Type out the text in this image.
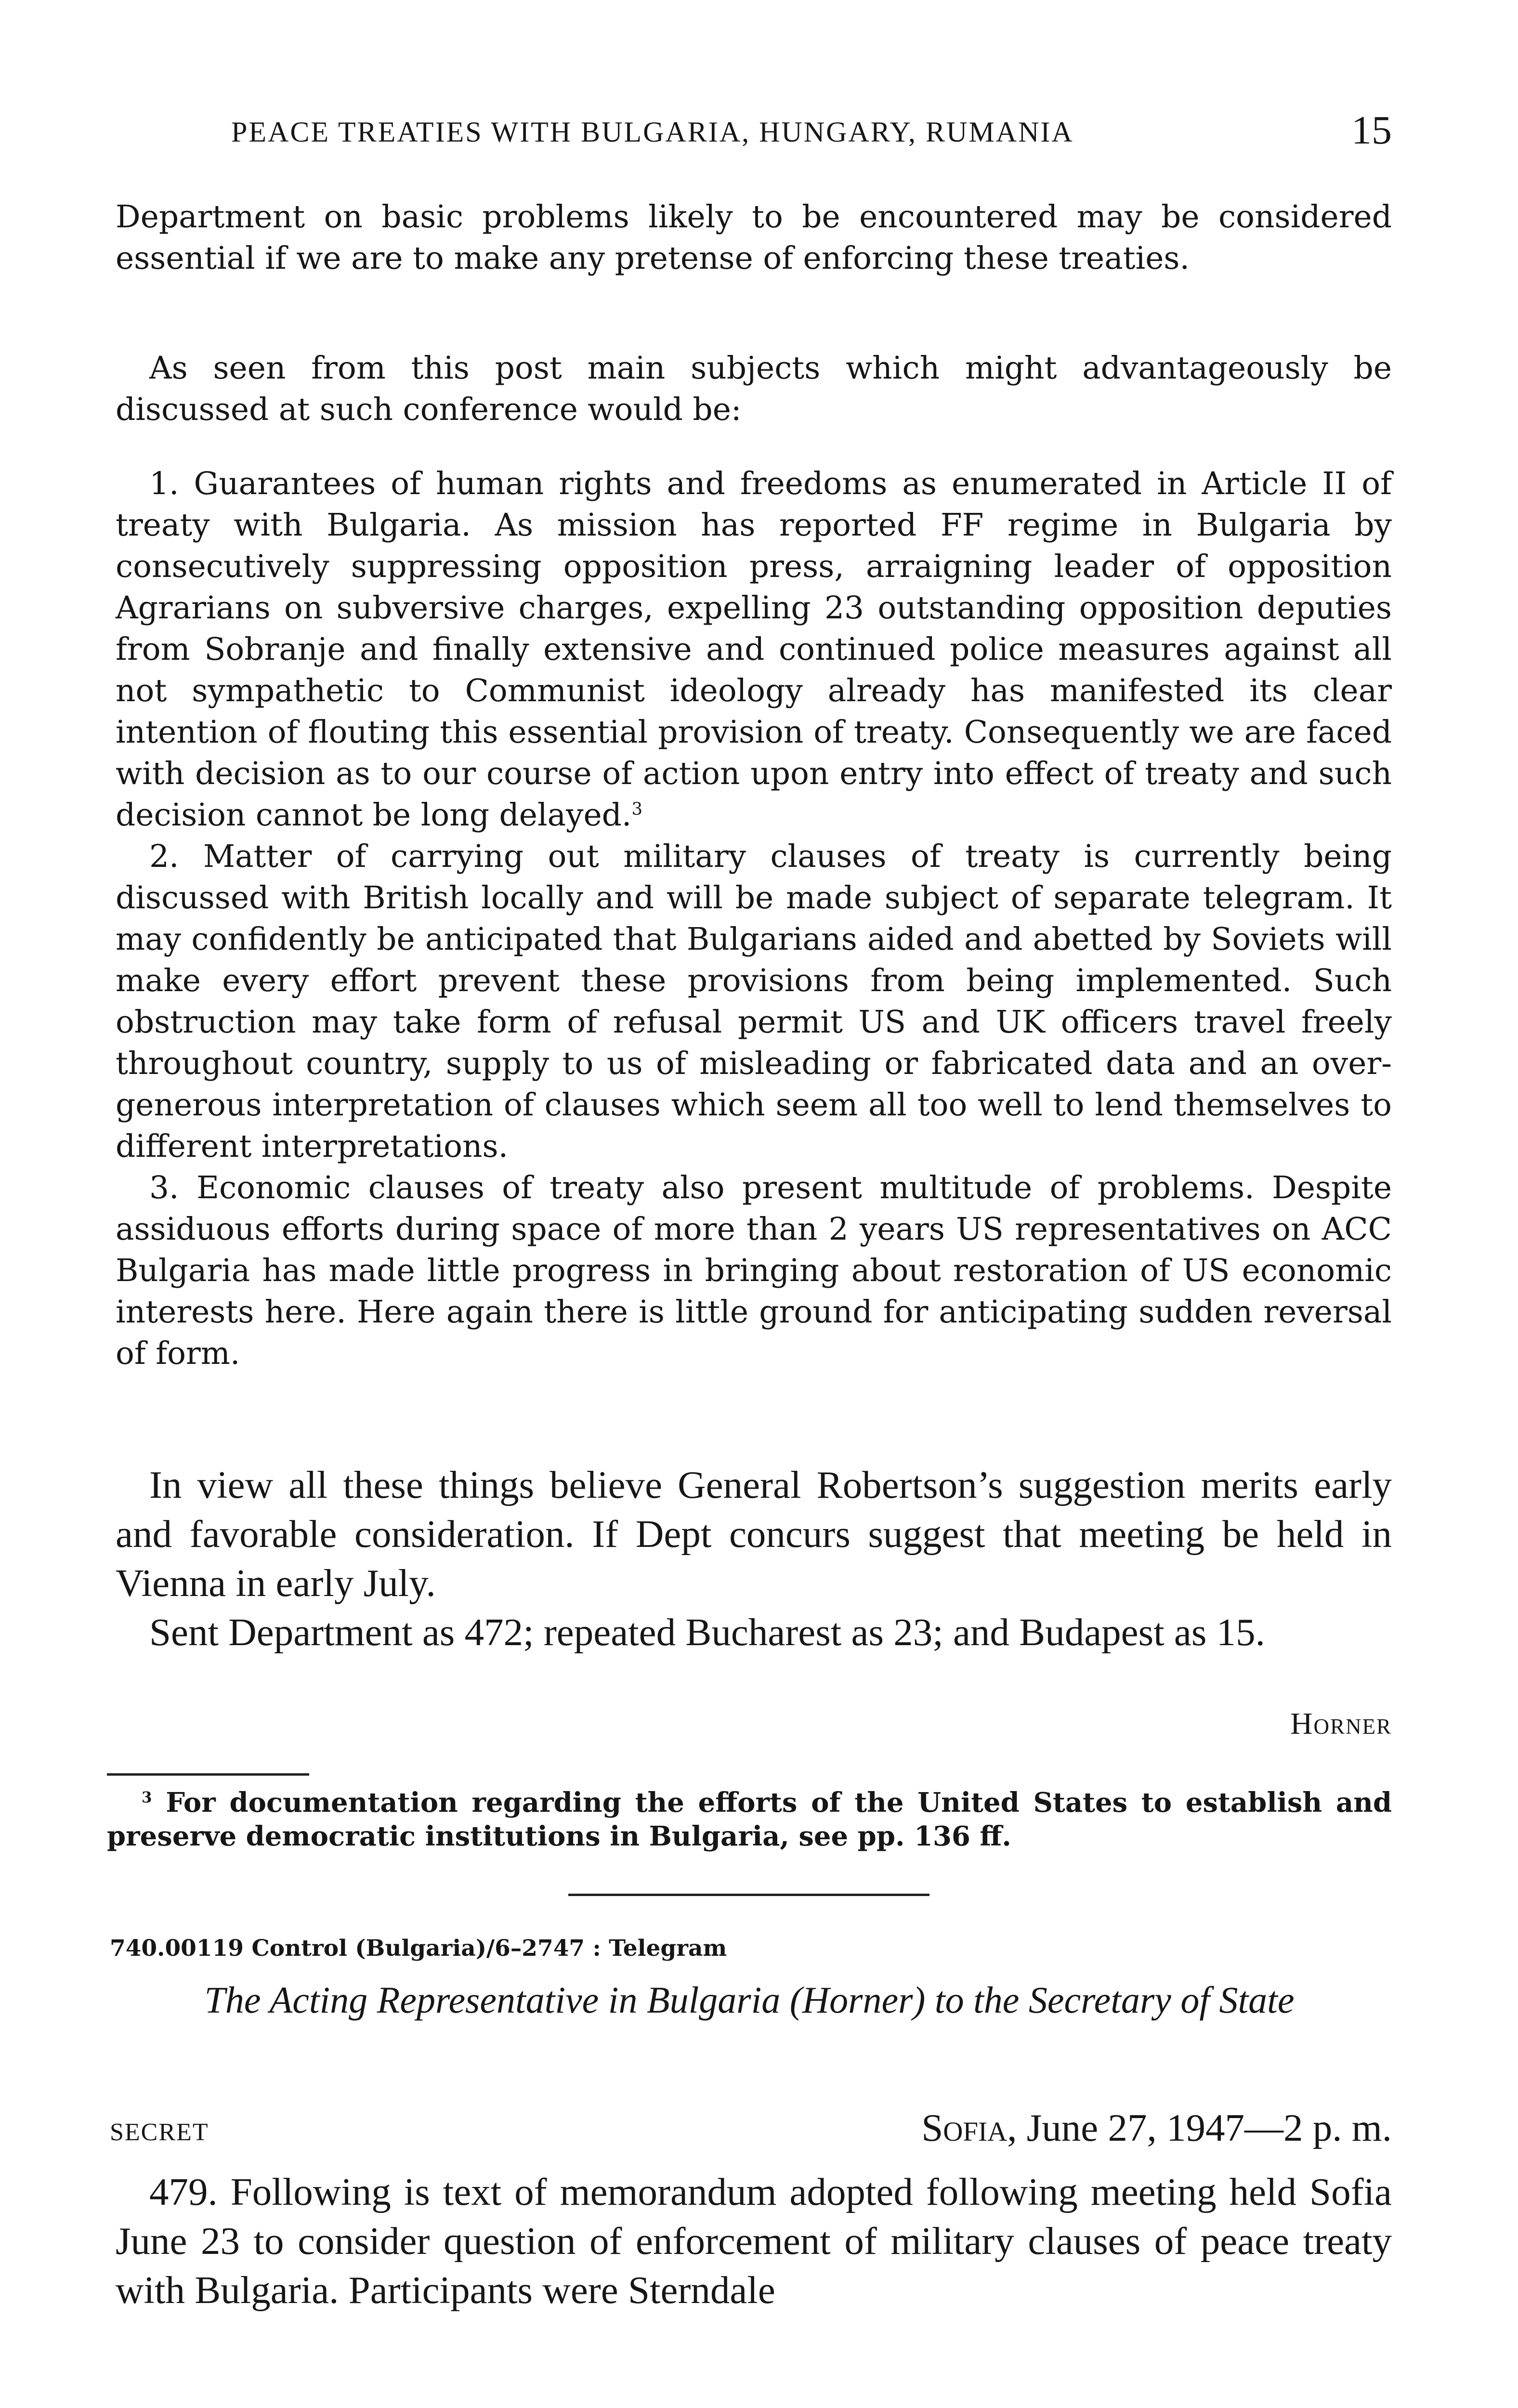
PEACE TREATIES WITH BULGARIA, HUNGARY, RUMANIA	15

Department on basic problems likely to be encountered may be considered essential if we are to make any pretense of enforcing these treaties.

As seen from this post main subjects which might advantageously be discussed at such conference would be:

1. Guarantees of human rights and freedoms as enumerated in Article II of treaty with Bulgaria. As mission has reported FF regime in Bulgaria by consecutively suppressing opposition press, arraigning leader of opposition Agrarians on subversive charges, expelling 23 outstanding opposition deputies from Sobranje and finally extensive and continued police measures against all not sympathetic to Communist ideology already has manifested its clear intention of flouting this essential provision of treaty. Consequently we are faced with decision as to our course of action upon entry into effect of treaty and such decision cannot be long delayed.$^3$

2. Matter of carrying out military clauses of treaty is currently being discussed with British locally and will be made subject of separate telegram. It may confidently be anticipated that Bulgarians aided and abetted by Soviets will make every effort prevent these provisions from being implemented. Such obstruction may take form of refusal permit US and UK officers travel freely throughout country, supply to us of misleading or fabricated data and an over-generous interpretation of clauses which seem all too well to lend themselves to different interpretations.

3. Economic clauses of treaty also present multitude of problems. Despite assiduous efforts during space of more than 2 years US representatives on ACC Bulgaria has made little progress in bringing about restoration of US economic interests here. Here again there is little ground for anticipating sudden reversal of form.

In view all these things believe General Robertson’s suggestion merits early and favorable consideration. If Dept concurs suggest that meeting be held in Vienna in early July.

Sent Department as 472; repeated Bucharest as 23; and Budapest as 15.

Horner

$^3$ For documentation regarding the efforts of the United States to establish and preserve democratic institutions in Bulgaria, see pp. 136 ff.

740.00119 Control (Bulgaria)/6–2747 : Telegram

The Acting Representative in Bulgaria (Horner) to the Secretary of State

SECRET	Sofia, June 27, 1947—2 p. m.

479. Following is text of memorandum adopted following meeting held Sofia June 23 to consider question of enforcement of military clauses of peace treaty with Bulgaria. Participants were Sterndale
